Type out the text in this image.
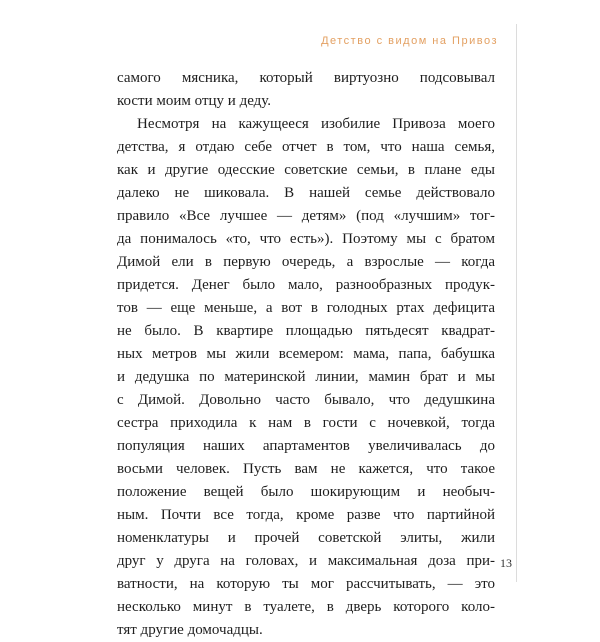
Детство с видом на Привоз
самого мясника, который виртуозно подсовывал
кости моим отцу и деду.
Несмотря на кажущееся изобилие Привоза моего
детства, я отдаю себе отчет в том, что наша семья,
как и другие одесские советские семьи, в плане еды
далеко не шиковала. В нашей семье действовало
правило «Все лучшее — детям» (под «лучшим» тог-
да понималось «то, что есть»). Поэтому мы с братом
Димой ели в первую очередь, а взрослые — когда
придется. Денег было мало, разнообразных продук-
тов — еще меньше, а вот в голодных ртах дефицита
не было. В квартире площадью пятьдесят квадрат-
ных метров мы жили всемером: мама, папа, бабушка
и дедушка по материнской линии, мамин брат и мы
с Димой. Довольно часто бывало, что дедушкина
сестра приходила к нам в гости с ночевкой, тогда
популяция наших апартаментов увеличивалась до
восьми человек. Пусть вам не кажется, что такое
положение вещей было шокирующим и необыч-
ным. Почти все тогда, кроме разве что партийной
номенклатуры и прочей советской элиты, жили
друг у друга на головах, и максимальная доза при-
ватности, на которую ты мог рассчитывать, — это
несколько минут в туалете, в дверь которого коло-
тят другие домочадцы.
13
